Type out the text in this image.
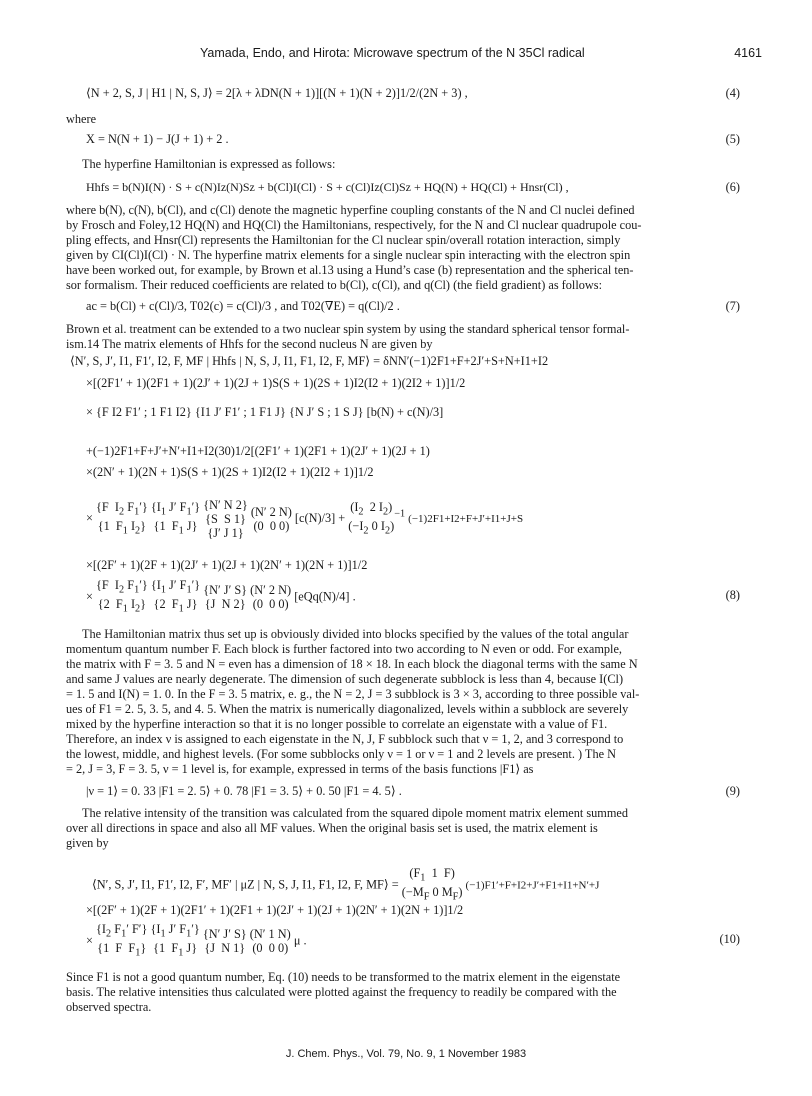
Yamada, Endo, and Hirota: Microwave spectrum of the N 35Cl radical	4161
⟨N + 2, S, J | H1 | N, S, J⟩ = 2[λ + λDN(N + 1)][(N + 1)(N + 2)]1/2/(2N + 3) ,	(4)
where
X = N(N + 1) − J(J + 1) + 2 .	(5)
The hyperfine Hamiltonian is expressed as follows:
Hhfs = b(N)I(N) · S + c(N)Iz(N)Sz + b(Cl)I(Cl) · S + c(Cl)Iz(Cl)Sz + HQ(N) + HQ(Cl) + Hnsr(Cl) ,	(6)
where b(N), c(N), b(Cl), and c(Cl) denote the magnetic hyperfine coupling constants of the N and Cl nuclei defined
by Frosch and Foley,12 HQ(N) and HQ(Cl) the Hamiltonians, respectively, for the N and Cl nuclear quadrupole cou-
pling effects, and Hnsr(Cl) represents the Hamiltonian for the Cl nuclear spin/overall rotation interaction, simply
given by CI(Cl)I(Cl) · N. The hyperfine matrix elements for a single nuclear spin interacting with the electron spin
have been worked out, for example, by Brown et al.13 using a Hund’s case (b) representation and the spherical ten-
sor formalism. Their reduced coefficients are related to b(Cl), c(Cl), and q(Cl) (the field gradient) as follows:
ac = b(Cl) + c(Cl)/3, T02(c) = c(Cl)/3 , and T02(∇E) = q(Cl)/2 .	(7)
Brown et al. treatment can be extended to a two nuclear spin system by using the standard spherical tensor formal-
ism.14 The matrix elements of Hhfs for the second nucleus N are given by
⟨N′, S, J′, I1, F1′, I2, F, MF | Hhfs | N, S, J, I1, F1, I2, F, MF⟩ = δNN′(−1)2F1+F+2J′+S+N+I1+I2
×[(2F1′ + 1)(2F1 + 1)(2J′ + 1)(2J + 1)S(S + 1)(2S + 1)I2(I2 + 1)(2I2 + 1)]1/2
× {F I2 F1′ ; 1 F1 I2} {I1 J′ F1′ ; 1 F1 J} {N J′ S ; 1 S J} [b(N) + c(N)/3]
+(−1)2F1+F+J′+N′+I1+I2(30)1/2[(2F1′ + 1)(2F1 + 1)(2J′ + 1)(2J + 1)
×(2N′ + 1)(2N + 1)S(S + 1)(2S + 1)I2(I2 + 1)(2I2 + 1)]1/2
× {F  $I_2$ $F_1'$}
{1  $F_1$ $I_2$} {$I_1$ J′ $F_1'$}
{1  $F_1$ J} {N′ N 2}
{S  S 1}
{J′ J 1} (N′ 2 N)
(0  0 0) $[c(N)/3] + (I_2$  2 $I_2$)
($-I_2$ 0 $I_2)^{-1}$ (−1)2F1+I2+F+J′+I1+J+S
×[(2F′ + 1)(2F + 1)(2J′ + 1)(2J + 1)(2N′ + 1)(2N + 1)]1/2
× {F  $I_2$ $F_1'$}
{2  $F_1$ $I_2$} {$I_1$ J′ $F_1'$}
{2  $F_1$ J} {N′ J′ S}
{J  N 2} (N′ 2 N)
(0  0 0) [eQq(N)/4] .	(8)
The Hamiltonian matrix thus set up is obviously divided into blocks specified by the values of the total angular
momentum quantum number F. Each block is further factored into two according to N even or odd. For example,
the matrix with F = 3. 5 and N = even has a dimension of 18 × 18. In each block the diagonal terms with the same N
and same J values are nearly degenerate. The dimension of such degenerate subblock is less than 4, because I(Cl)
= 1. 5 and I(N) = 1. 0. In the F = 3. 5 matrix, e. g., the N = 2, J = 3 subblock is 3 × 3, according to three possible val-
ues of F1 = 2. 5, 3. 5, and 4. 5. When the matrix is numerically diagonalized, levels within a subblock are severely
mixed by the hyperfine interaction so that it is no longer possible to correlate an eigenstate with a value of F1.
Therefore, an index ν is assigned to each eigenstate in the N, J, F subblock such that ν = 1, 2, and 3 correspond to
the lowest, middle, and highest levels. (For some subblocks only ν = 1 or ν = 1 and 2 levels are present. ) The N
= 2, J = 3, F = 3. 5, ν = 1 level is, for example, expressed in terms of the basis functions |F1⟩ as
|ν = 1⟩ = 0. 33 |F1 = 2. 5⟩ + 0. 78 |F1 = 3. 5⟩ + 0. 50 |F1 = 4. 5⟩ .	(9)
The relative intensity of the transition was calculated from the squared dipole moment matrix element summed
over all directions in space and also all MF values. When the original basis set is used, the matrix element is
given by
⟨N′, S, J′, I1, F1′, I2, F′, MF′ | μZ | N, S, J, I1, F1, I2, F, MF⟩ = ($F_1$  1  F)
($-M_F$ 0 $M_F$) (−1)F1′+F+I2+J′+F1+I1+N′+J
×[(2F′ + 1)(2F + 1)(2F1′ + 1)(2F1 + 1)(2J′ + 1)(2J + 1)(2N′ + 1)(2N + 1)]1/2
× {$I_2$ $F_1'$ F′}
{1  F  $F_1$} {$I_1$ J′ $F_1'$}
{1  $F_1$ J} {N′ J′ S}
{J  N 1} (N′ 1 N)
(0  0 0) μ .	(10)
Since F1 is not a good quantum number, Eq. (10) needs to be transformed to the matrix element in the eigenstate
basis. The relative intensities thus calculated were plotted against the frequency to readily be compared with the
observed spectra.
J. Chem. Phys., Vol. 79, No. 9, 1 November 1983
